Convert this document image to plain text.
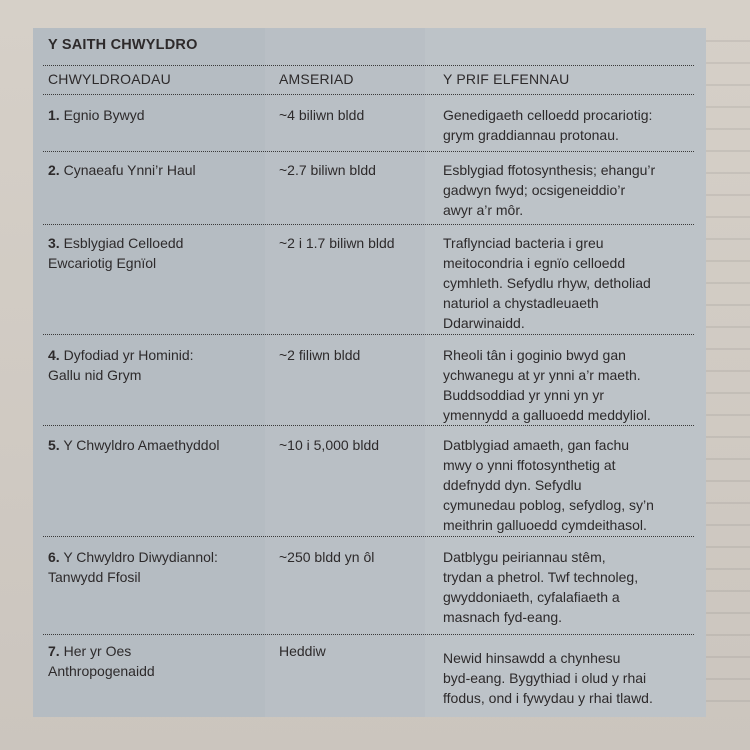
Y SAITH CHWYLDRO
CHWYLDROADAU	AMSERIAD	Y PRIF ELFENNAU
1. Egnio Bywyd	~4 biliwn bldd	Genedigaeth celloedd procariotig:
grym graddiannau protonau.
2. Cynaeafu Ynni’r Haul	~2.7 biliwn bldd	Esblygiad ffotosynthesis; ehangu’r
gadwyn fwyd; ocsigeneiddio’r
awyr a’r môr.
3. Esblygiad Celloedd
Ewcariotig Egnïol
~2 i 1.7 biliwn bldd	Traflynciad bacteria i greu
meitocondria i egnïo celloedd
cymhleth. Sefydlu rhyw, detholiad
naturiol a chystadleuaeth
Ddarwinaidd.
4. Dyfodiad yr Hominid:
Gallu nid Grym
~2 filiwn bldd	Rheoli tân i goginio bwyd gan
ychwanegu at yr ynni a’r maeth.
Buddsoddiad yr ynni yn yr
ymennydd a galluoedd meddyliol.
5. Y Chwyldro Amaethyddol	~10 i 5,000 bldd	Datblygiad amaeth, gan fachu
mwy o ynni ffotosynthetig at
ddefnydd dyn. Sefydlu
cymunedau poblog, sefydlog, sy’n
meithrin galluoedd cymdeithasol.
6. Y Chwyldro Diwydiannol:
Tanwydd Ffosil
~250 bldd yn ôl	Datblygu peiriannau stêm,
trydan a phetrol. Twf technoleg,
gwyddoniaeth, cyfalafiaeth a
masnach fyd-eang.
7. Her yr Oes
Anthropogenaidd
Heddiw	Newid hinsawdd a chynhesu
byd-eang. Bygythiad i olud y rhai
ffodus, ond i fywydau y rhai tlawd.
